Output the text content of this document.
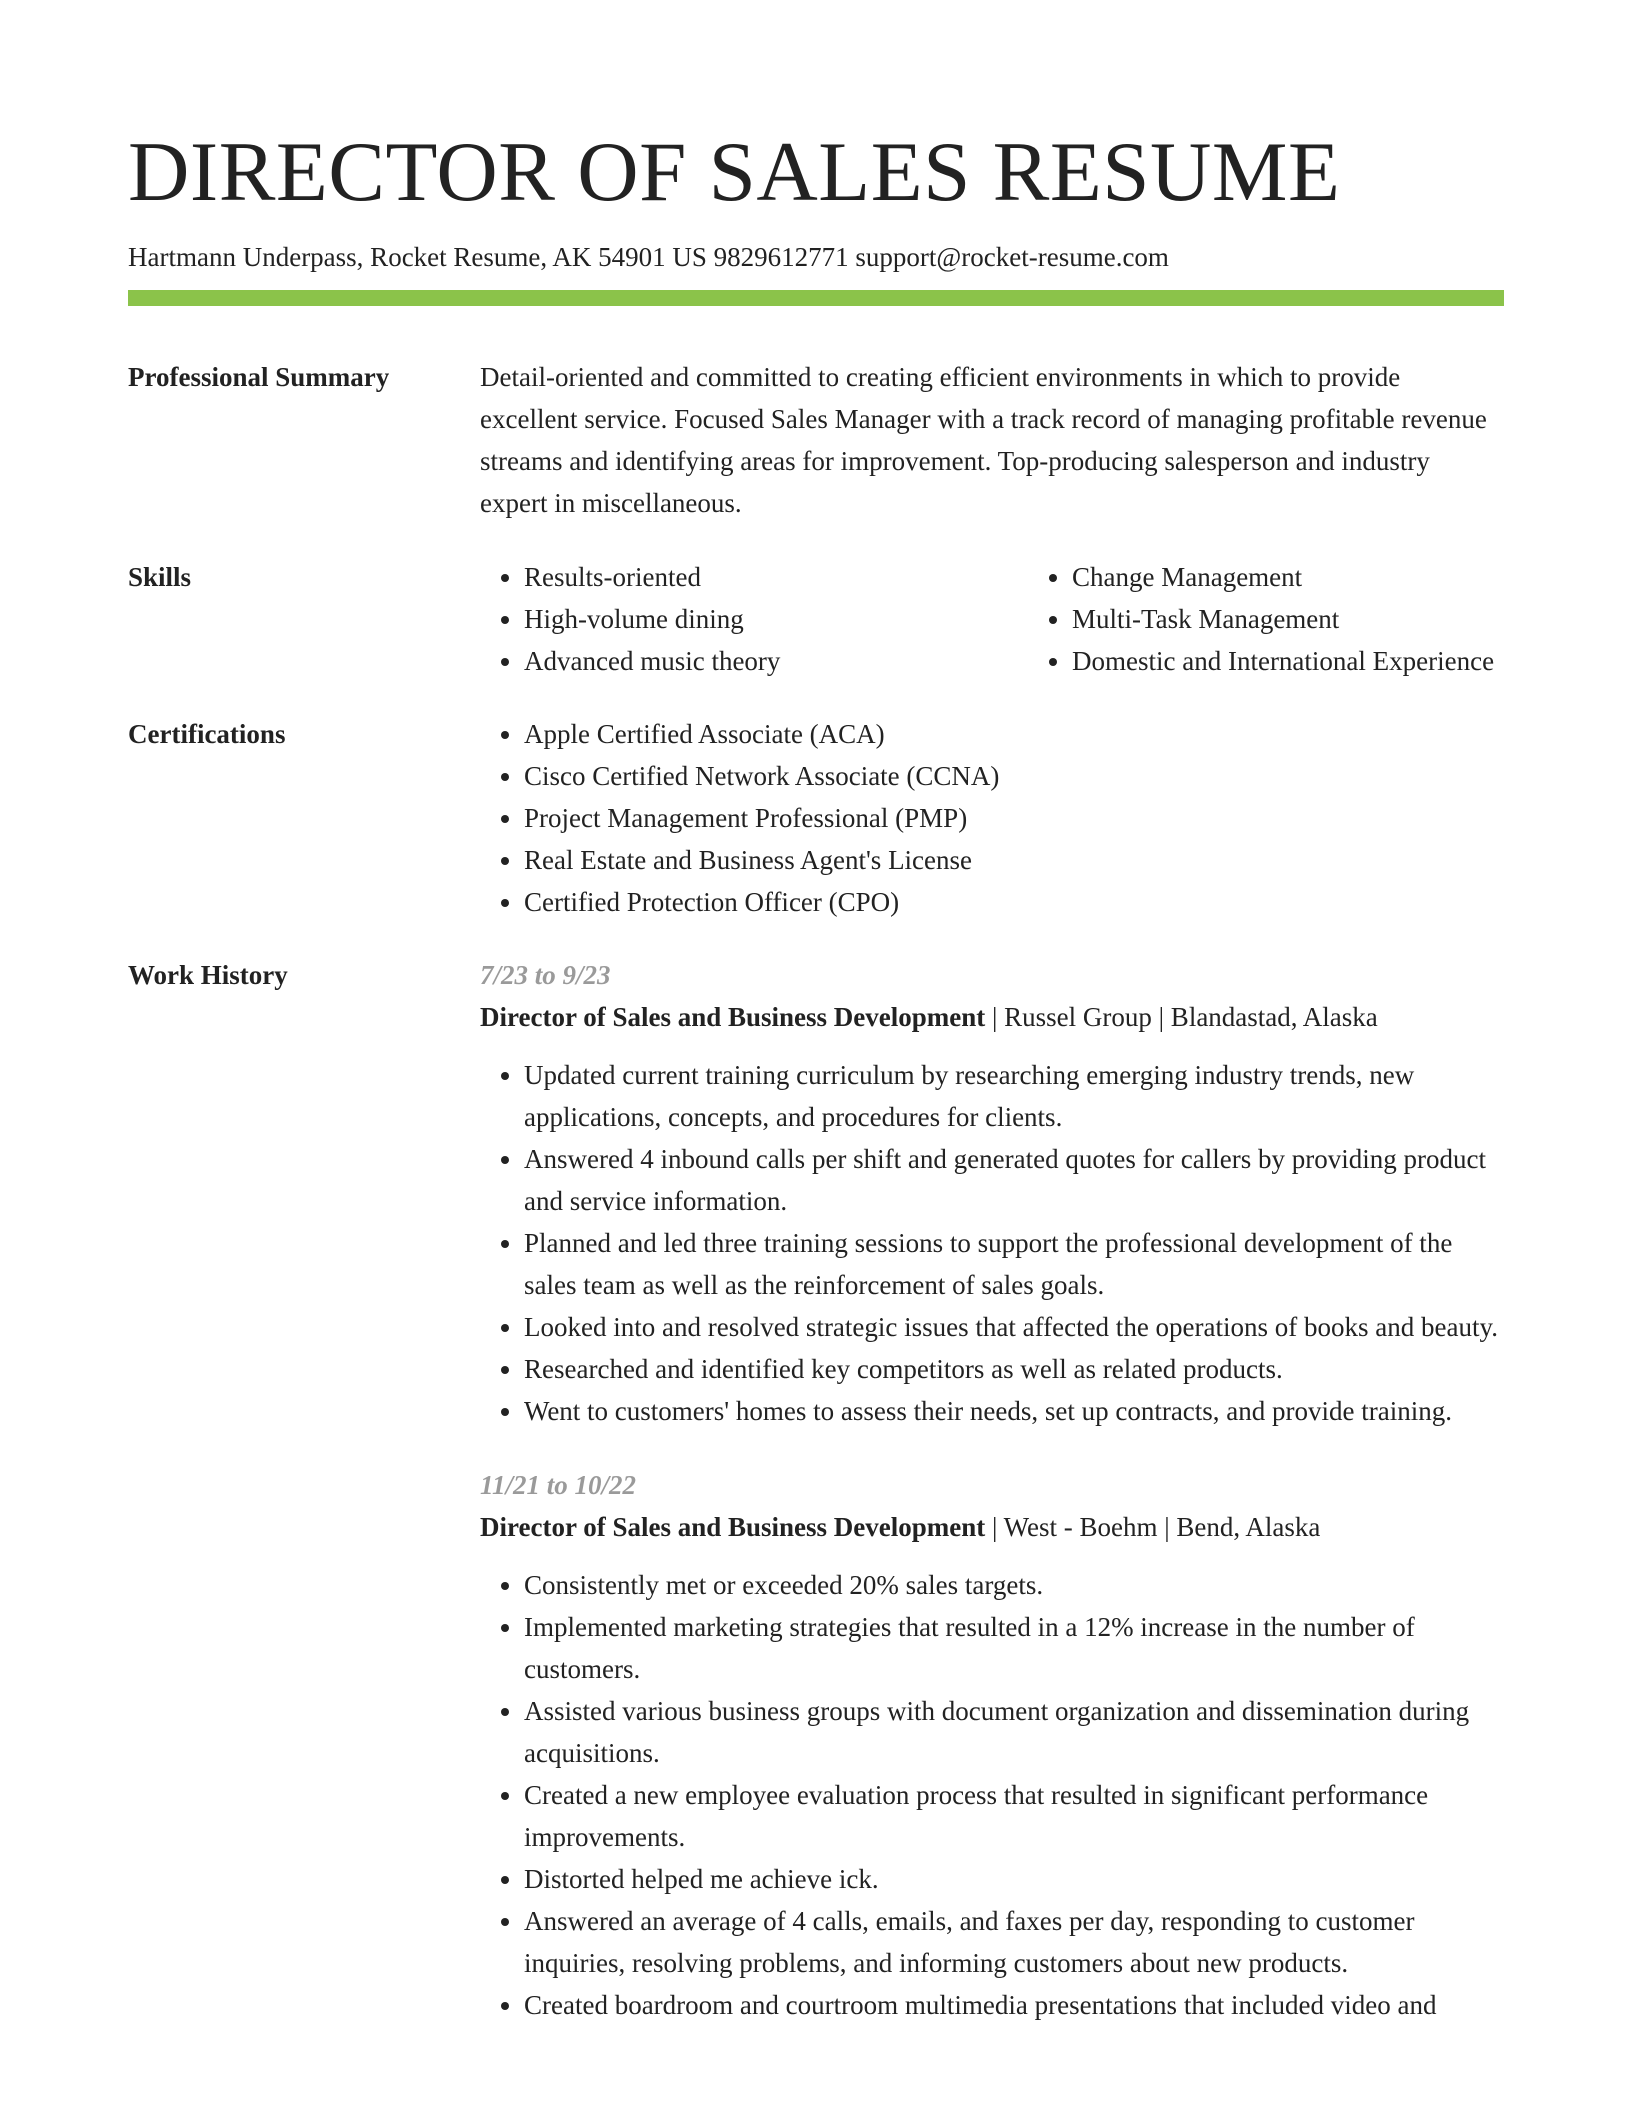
DIRECTOR OF SALES RESUME
Hartmann Underpass, Rocket Resume, AK 54901 US 9829612771 support@rocket-resume.com
Professional Summary	Detail-oriented and committed to creating efficient environments in which to provide excellent service. Focused Sales Manager with a track record of managing profitable revenue streams and identifying areas for improvement. Top-producing salesperson and industry expert in miscellaneous.
Skills	• Results-oriented
• High-volume dining
• Advanced music theory
• Change Management
• Multi-Task Management
• Domestic and International Experience
Certifications	• Apple Certified Associate (ACA)
• Cisco Certified Network Associate (CCNA)
• Project Management Professional (PMP)
• Real Estate and Business Agent's License
• Certified Protection Officer (CPO)
Work History	7/23 to 9/23
Director of Sales and Business Development | Russel Group | Blandastad, Alaska
• Updated current training curriculum by researching emerging industry trends, new applications, concepts, and procedures for clients.
• Answered 4 inbound calls per shift and generated quotes for callers by providing product and service information.
• Planned and led three training sessions to support the professional development of the sales team as well as the reinforcement of sales goals.
• Looked into and resolved strategic issues that affected the operations of books and beauty.
• Researched and identified key competitors as well as related products.
• Went to customers' homes to assess their needs, set up contracts, and provide training.
11/21 to 10/22
Director of Sales and Business Development | West - Boehm | Bend, Alaska
• Consistently met or exceeded 20% sales targets.
• Implemented marketing strategies that resulted in a 12% increase in the number of customers.
• Assisted various business groups with document organization and dissemination during acquisitions.
• Created a new employee evaluation process that resulted in significant performance improvements.
• Distorted helped me achieve ick.
• Answered an average of 4 calls, emails, and faxes per day, responding to customer inquiries, resolving problems, and informing customers about new products.
• Created boardroom and courtroom multimedia presentations that included video and
